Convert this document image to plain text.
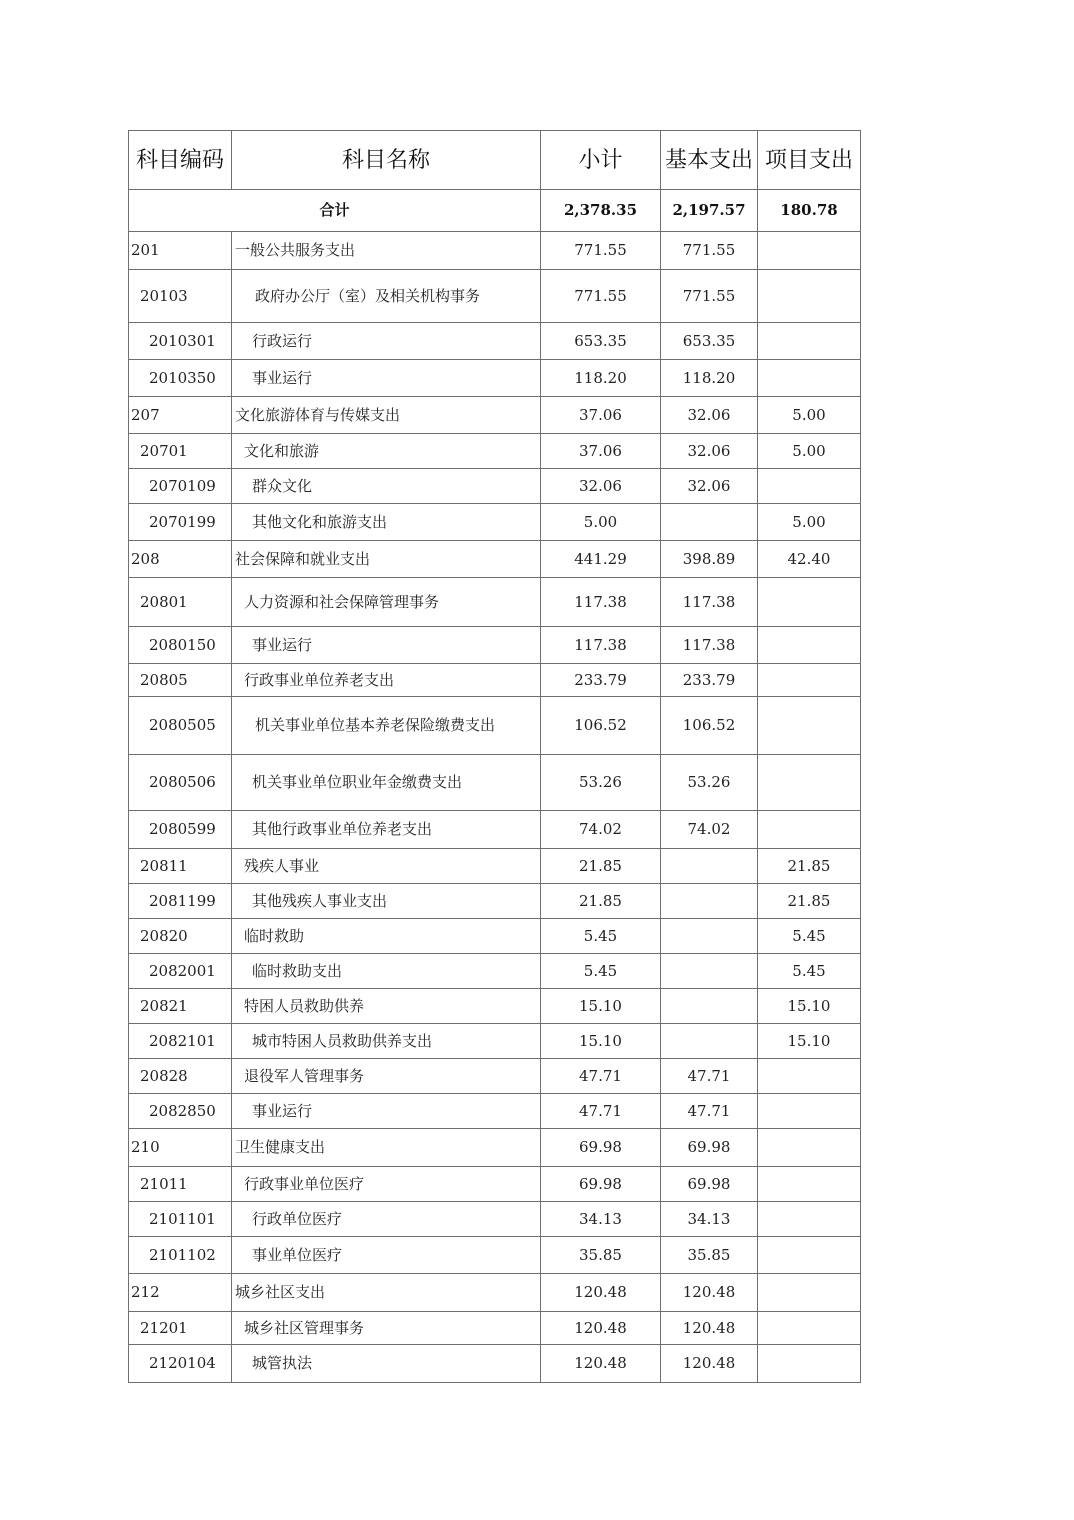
科目编码	科目名称	小计	基本支出	项目支出
合计		2,378.35	2,197.57	180.78
201	一般公共服务支出	771.55	771.55	
20103	政府办公厅（室）及相关机构事务	771.55	771.55	
2010301	行政运行	653.35	653.35	
2010350	事业运行	118.20	118.20	
207	文化旅游体育与传媒支出	37.06	32.06	5.00
20701	文化和旅游	37.06	32.06	5.00
2070109	群众文化	32.06	32.06	
2070199	其他文化和旅游支出	5.00		5.00
208	社会保障和就业支出	441.29	398.89	42.40
20801	人力资源和社会保障管理事务	117.38	117.38	
2080150	事业运行	117.38	117.38	
20805	行政事业单位养老支出	233.79	233.79	
2080505	机关事业单位基本养老保险缴费支出	106.52	106.52	
2080506	机关事业单位职业年金缴费支出	53.26	53.26	
2080599	其他行政事业单位养老支出	74.02	74.02	
20811	残疾人事业	21.85		21.85
2081199	其他残疾人事业支出	21.85		21.85
20820	临时救助	5.45		5.45
2082001	临时救助支出	5.45		5.45
20821	特困人员救助供养	15.10		15.10
2082101	城市特困人员救助供养支出	15.10		15.10
20828	退役军人管理事务	47.71	47.71	
2082850	事业运行	47.71	47.71	
210	卫生健康支出	69.98	69.98	
21011	行政事业单位医疗	69.98	69.98	
2101101	行政单位医疗	34.13	34.13	
2101102	事业单位医疗	35.85	35.85	
212	城乡社区支出	120.48	120.48	
21201	城乡社区管理事务	120.48	120.48	
2120104	城管执法	120.48	120.48	
